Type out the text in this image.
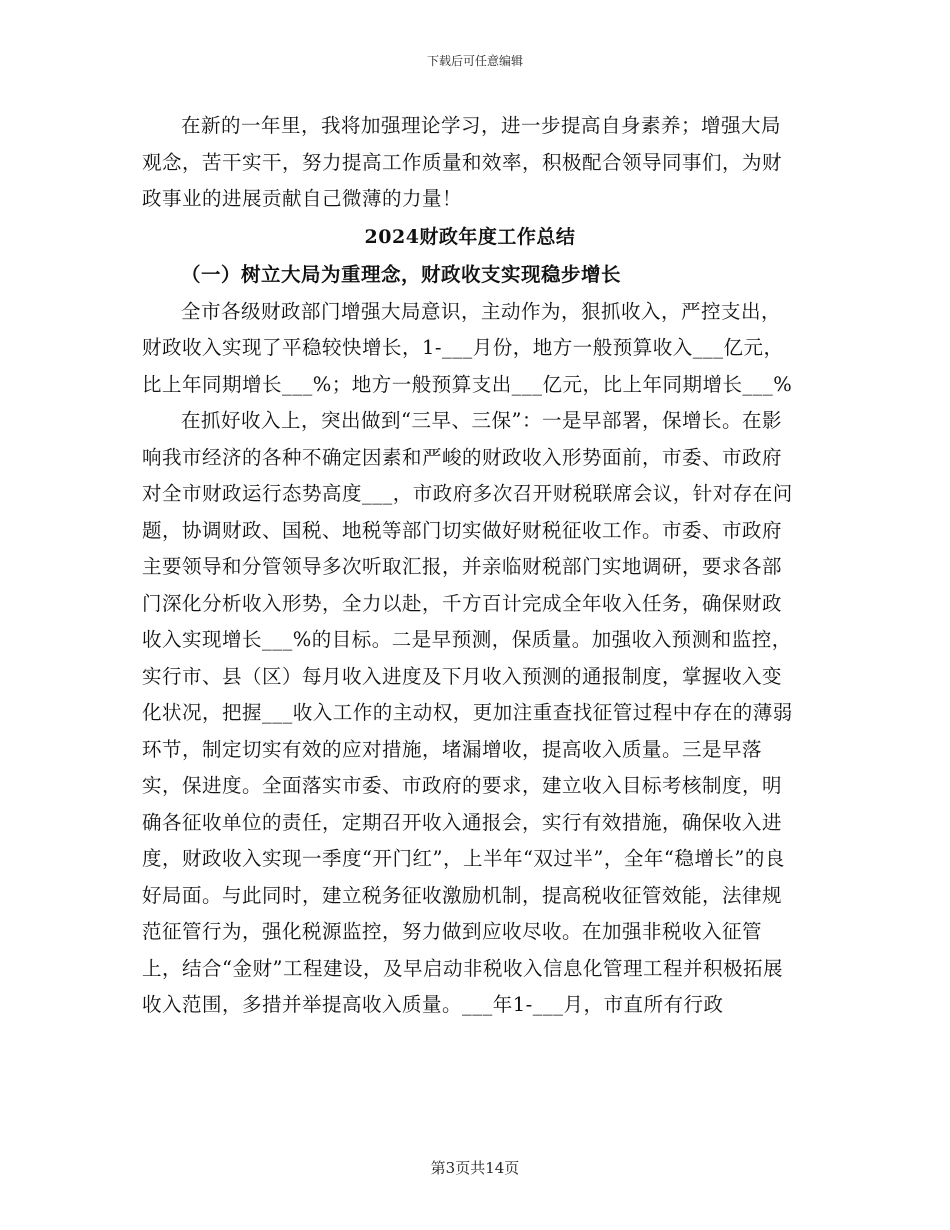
下载后可任意编辑

在新的一年里，我将加强理论学习，进一步提高自身素养；增强大局观念，苦干实干，努力提高工作质量和效率，积极配合领导同事们，为财政事业的进展贡献自己微薄的力量！

2024财政年度工作总结
（一）树立大局为重理念，财政收支实现稳步增长

全市各级财政部门增强大局意识，主动作为，狠抓收入，严控支出，财政收入实现了平稳较快增长，1-___月份，地方一般预算收入___亿元，比上年同期增长___%；地方一般预算支出___亿元，比上年同期增长___%

在抓好收入上，突出做到“三早、三保”：一是早部署，保增长。在影响我市经济的各种不确定因素和严峻的财政收入形势面前，市委、市政府对全市财政运行态势高度___，市政府多次召开财税联席会议，针对存在问题，协调财政、国税、地税等部门切实做好财税征收工作。市委、市政府主要领导和分管领导多次听取汇报，并亲临财税部门实地调研，要求各部门深化分析收入形势，全力以赴，千方百计完成全年收入任务，确保财政收入实现增长___%的目标。二是早预测，保质量。加强收入预测和监控，实行市、县（区）每月收入进度及下月收入预测的通报制度，掌握收入变化状况，把握___收入工作的主动权，更加注重查找征管过程中存在的薄弱环节，制定切实有效的应对措施，堵漏增收，提高收入质量。三是早落实，保进度。全面落实市委、市政府的要求，建立收入目标考核制度，明确各征收单位的责任，定期召开收入通报会，实行有效措施，确保收入进度，财政收入实现一季度“开门红”，上半年“双过半”，全年“稳增长”的良好局面。与此同时，建立税务征收激励机制，提高税收征管效能，法律规范征管行为，强化税源监控，努力做到应收尽收。在加强非税收入征管上，结合“金财”工程建设，及早启动非税收入信息化管理工程并积极拓展收入范围，多措并举提高收入质量。___年1-___月，市直所有行政

第3页共14页
